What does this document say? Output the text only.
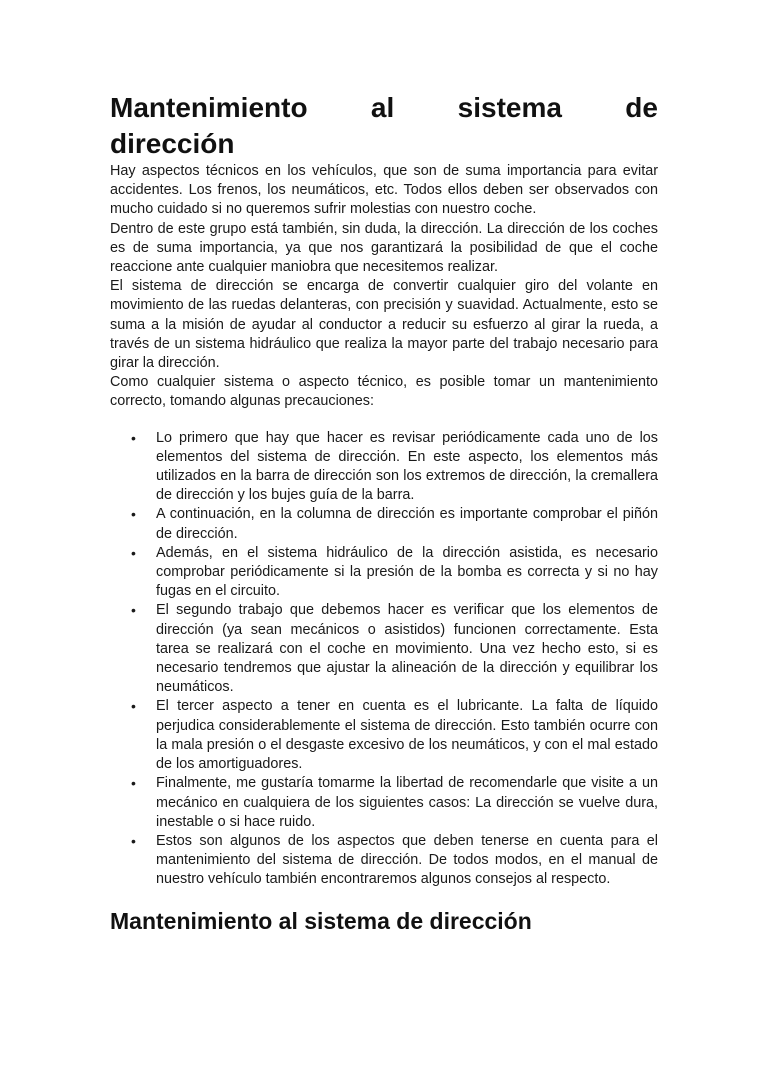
Mantenimiento al sistema de
dirección

Hay aspectos técnicos en los vehículos, que son de suma importancia para evitar accidentes. Los frenos, los neumáticos, etc. Todos ellos deben ser observados con mucho cuidado si no queremos sufrir molestias con nuestro coche.

Dentro de este grupo está también, sin duda, la dirección. La dirección de los coches es de suma importancia, ya que nos garantizará la posibilidad de que el coche reaccione ante cualquier maniobra que necesitemos realizar.

El sistema de dirección se encarga de convertir cualquier giro del volante en movimiento de las ruedas delanteras, con precisión y suavidad. Actualmente, esto se suma a la misión de ayudar al conductor a reducir su esfuerzo al girar la rueda, a través de un sistema hidráulico que realiza la mayor parte del trabajo necesario para girar la dirección.

Como cualquier sistema o aspecto técnico, es posible tomar un mantenimiento correcto, tomando algunas precauciones:

• Lo primero que hay que hacer es revisar periódicamente cada uno de los elementos del sistema de dirección. En este aspecto, los elementos más utilizados en la barra de dirección son los extremos de dirección, la cremallera de dirección y los bujes guía de la barra.
• A continuación, en la columna de dirección es importante comprobar el piñón de dirección.
• Además, en el sistema hidráulico de la dirección asistida, es necesario comprobar periódicamente si la presión de la bomba es correcta y si no hay fugas en el circuito.
• El segundo trabajo que debemos hacer es verificar que los elementos de dirección (ya sean mecánicos o asistidos) funcionen correctamente. Esta tarea se realizará con el coche en movimiento. Una vez hecho esto, si es necesario tendremos que ajustar la alineación de la dirección y equilibrar los neumáticos.
• El tercer aspecto a tener en cuenta es el lubricante. La falta de líquido perjudica considerablemente el sistema de dirección. Esto también ocurre con la mala presión o el desgaste excesivo de los neumáticos, y con el mal estado de los amortiguadores.
• Finalmente, me gustaría tomarme la libertad de recomendarle que visite a un mecánico en cualquiera de los siguientes casos: La dirección se vuelve dura, inestable o si hace ruido.
• Estos son algunos de los aspectos que deben tenerse en cuenta para el mantenimiento del sistema de dirección. De todos modos, en el manual de nuestro vehículo también encontraremos algunos consejos al respecto.
Mantenimiento al sistema de dirección
